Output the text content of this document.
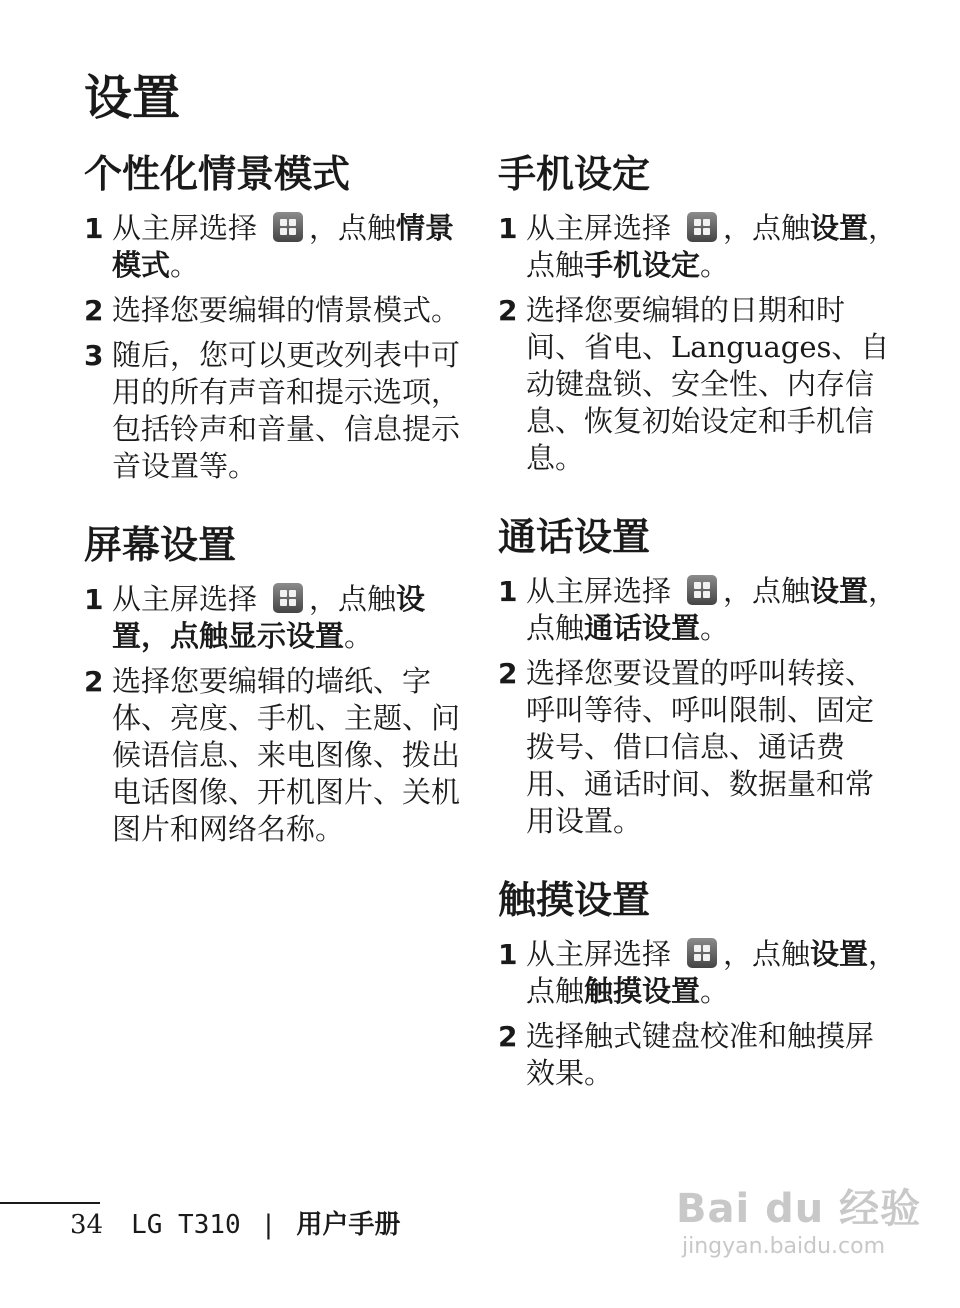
设置
个性化情景模式
1 从主屏选择 ，点触情景模式。
2 选择您要编辑的情景模式。
3 随后，您可以更改列表中可用的所有声音和提示选项，包括铃声和音量、信息提示音设置等。
屏幕设置
1 从主屏选择 ，点触设置，点触显示设置。
2 选择您要编辑的墙纸、字体、亮度、手机、主题、问候语信息、来电图像、拨出电话图像、开机图片、关机图片和网络名称。
手机设定
1 从主屏选择 ，点触设置，点触手机设定。
2 选择您要编辑的日期和时间、省电、Languages、自动键盘锁、安全性、内存信息、恢复初始设定和手机信息。
通话设置
1 从主屏选择 ，点触设置，点触通话设置。
2 选择您要设置的呼叫转接、呼叫等待、呼叫限制、固定拨号、借口信息、通话费用、通话时间、数据量和常用设置。
触摸设置
1 从主屏选择 ，点触设置，点触触摸设置。
2 选择触式键盘校准和触摸屏效果。
34 LG T310 | 用户手册	Bai du 经验
jingyan.baidu.com
